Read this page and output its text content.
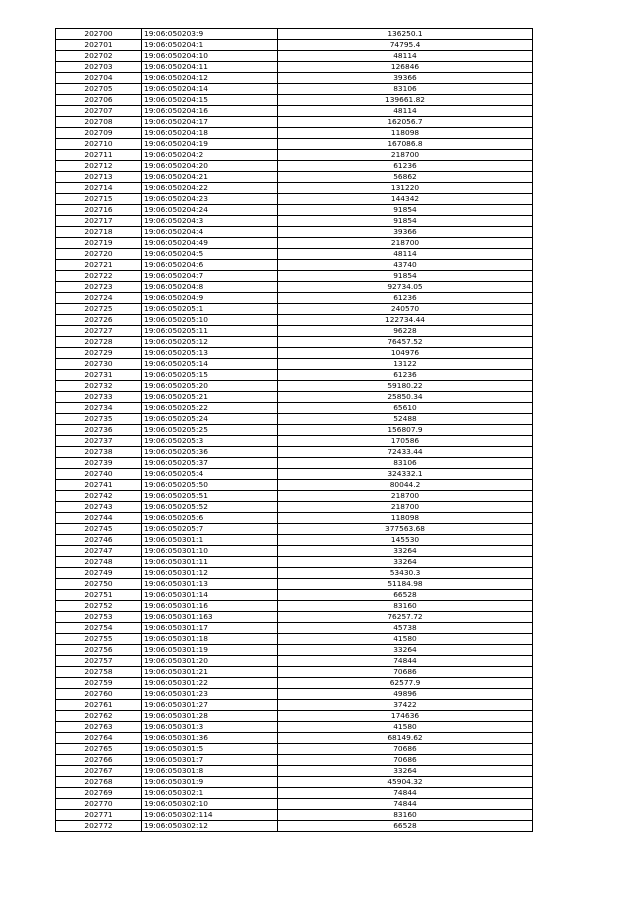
202700	19:06:050203:9	136250.1
202701	19:06:050204:1	74795.4
202702	19:06:050204:10	48114
202703	19:06:050204:11	126846
202704	19:06:050204:12	39366
202705	19:06:050204:14	83106
202706	19:06:050204:15	139661.82
202707	19:06:050204:16	48114
202708	19:06:050204:17	162056.7
202709	19:06:050204:18	118098
202710	19:06:050204:19	167086.8
202711	19:06:050204:2	218700
202712	19:06:050204:20	61236
202713	19:06:050204:21	56862
202714	19:06:050204:22	131220
202715	19:06:050204:23	144342
202716	19:06:050204:24	91854
202717	19:06:050204:3	91854
202718	19:06:050204:4	39366
202719	19:06:050204:49	218700
202720	19:06:050204:5	48114
202721	19:06:050204:6	43740
202722	19:06:050204:7	91854
202723	19:06:050204:8	92734.05
202724	19:06:050204:9	61236
202725	19:06:050205:1	240570
202726	19:06:050205:10	122734.44
202727	19:06:050205:11	96228
202728	19:06:050205:12	76457.52
202729	19:06:050205:13	104976
202730	19:06:050205:14	13122
202731	19:06:050205:15	61236
202732	19:06:050205:20	59180.22
202733	19:06:050205:21	25850.34
202734	19:06:050205:22	65610
202735	19:06:050205:24	52488
202736	19:06:050205:25	156807.9
202737	19:06:050205:3	170586
202738	19:06:050205:36	72433.44
202739	19:06:050205:37	83106
202740	19:06:050205:4	324332.1
202741	19:06:050205:50	80044.2
202742	19:06:050205:51	218700
202743	19:06:050205:52	218700
202744	19:06:050205:6	118098
202745	19:06:050205:7	377563.68
202746	19:06:050301:1	145530
202747	19:06:050301:10	33264
202748	19:06:050301:11	33264
202749	19:06:050301:12	53430.3
202750	19:06:050301:13	51184.98
202751	19:06:050301:14	66528
202752	19:06:050301:16	83160
202753	19:06:050301:163	76257.72
202754	19:06:050301:17	45738
202755	19:06:050301:18	41580
202756	19:06:050301:19	33264
202757	19:06:050301:20	74844
202758	19:06:050301:21	70686
202759	19:06:050301:22	62577.9
202760	19:06:050301:23	49896
202761	19:06:050301:27	37422
202762	19:06:050301:28	174636
202763	19:06:050301:3	41580
202764	19:06:050301:36	68149.62
202765	19:06:050301:5	70686
202766	19:06:050301:7	70686
202767	19:06:050301:8	33264
202768	19:06:050301:9	45904.32
202769	19:06:050302:1	74844
202770	19:06:050302:10	74844
202771	19:06:050302:114	83160
202772	19:06:050302:12	66528
